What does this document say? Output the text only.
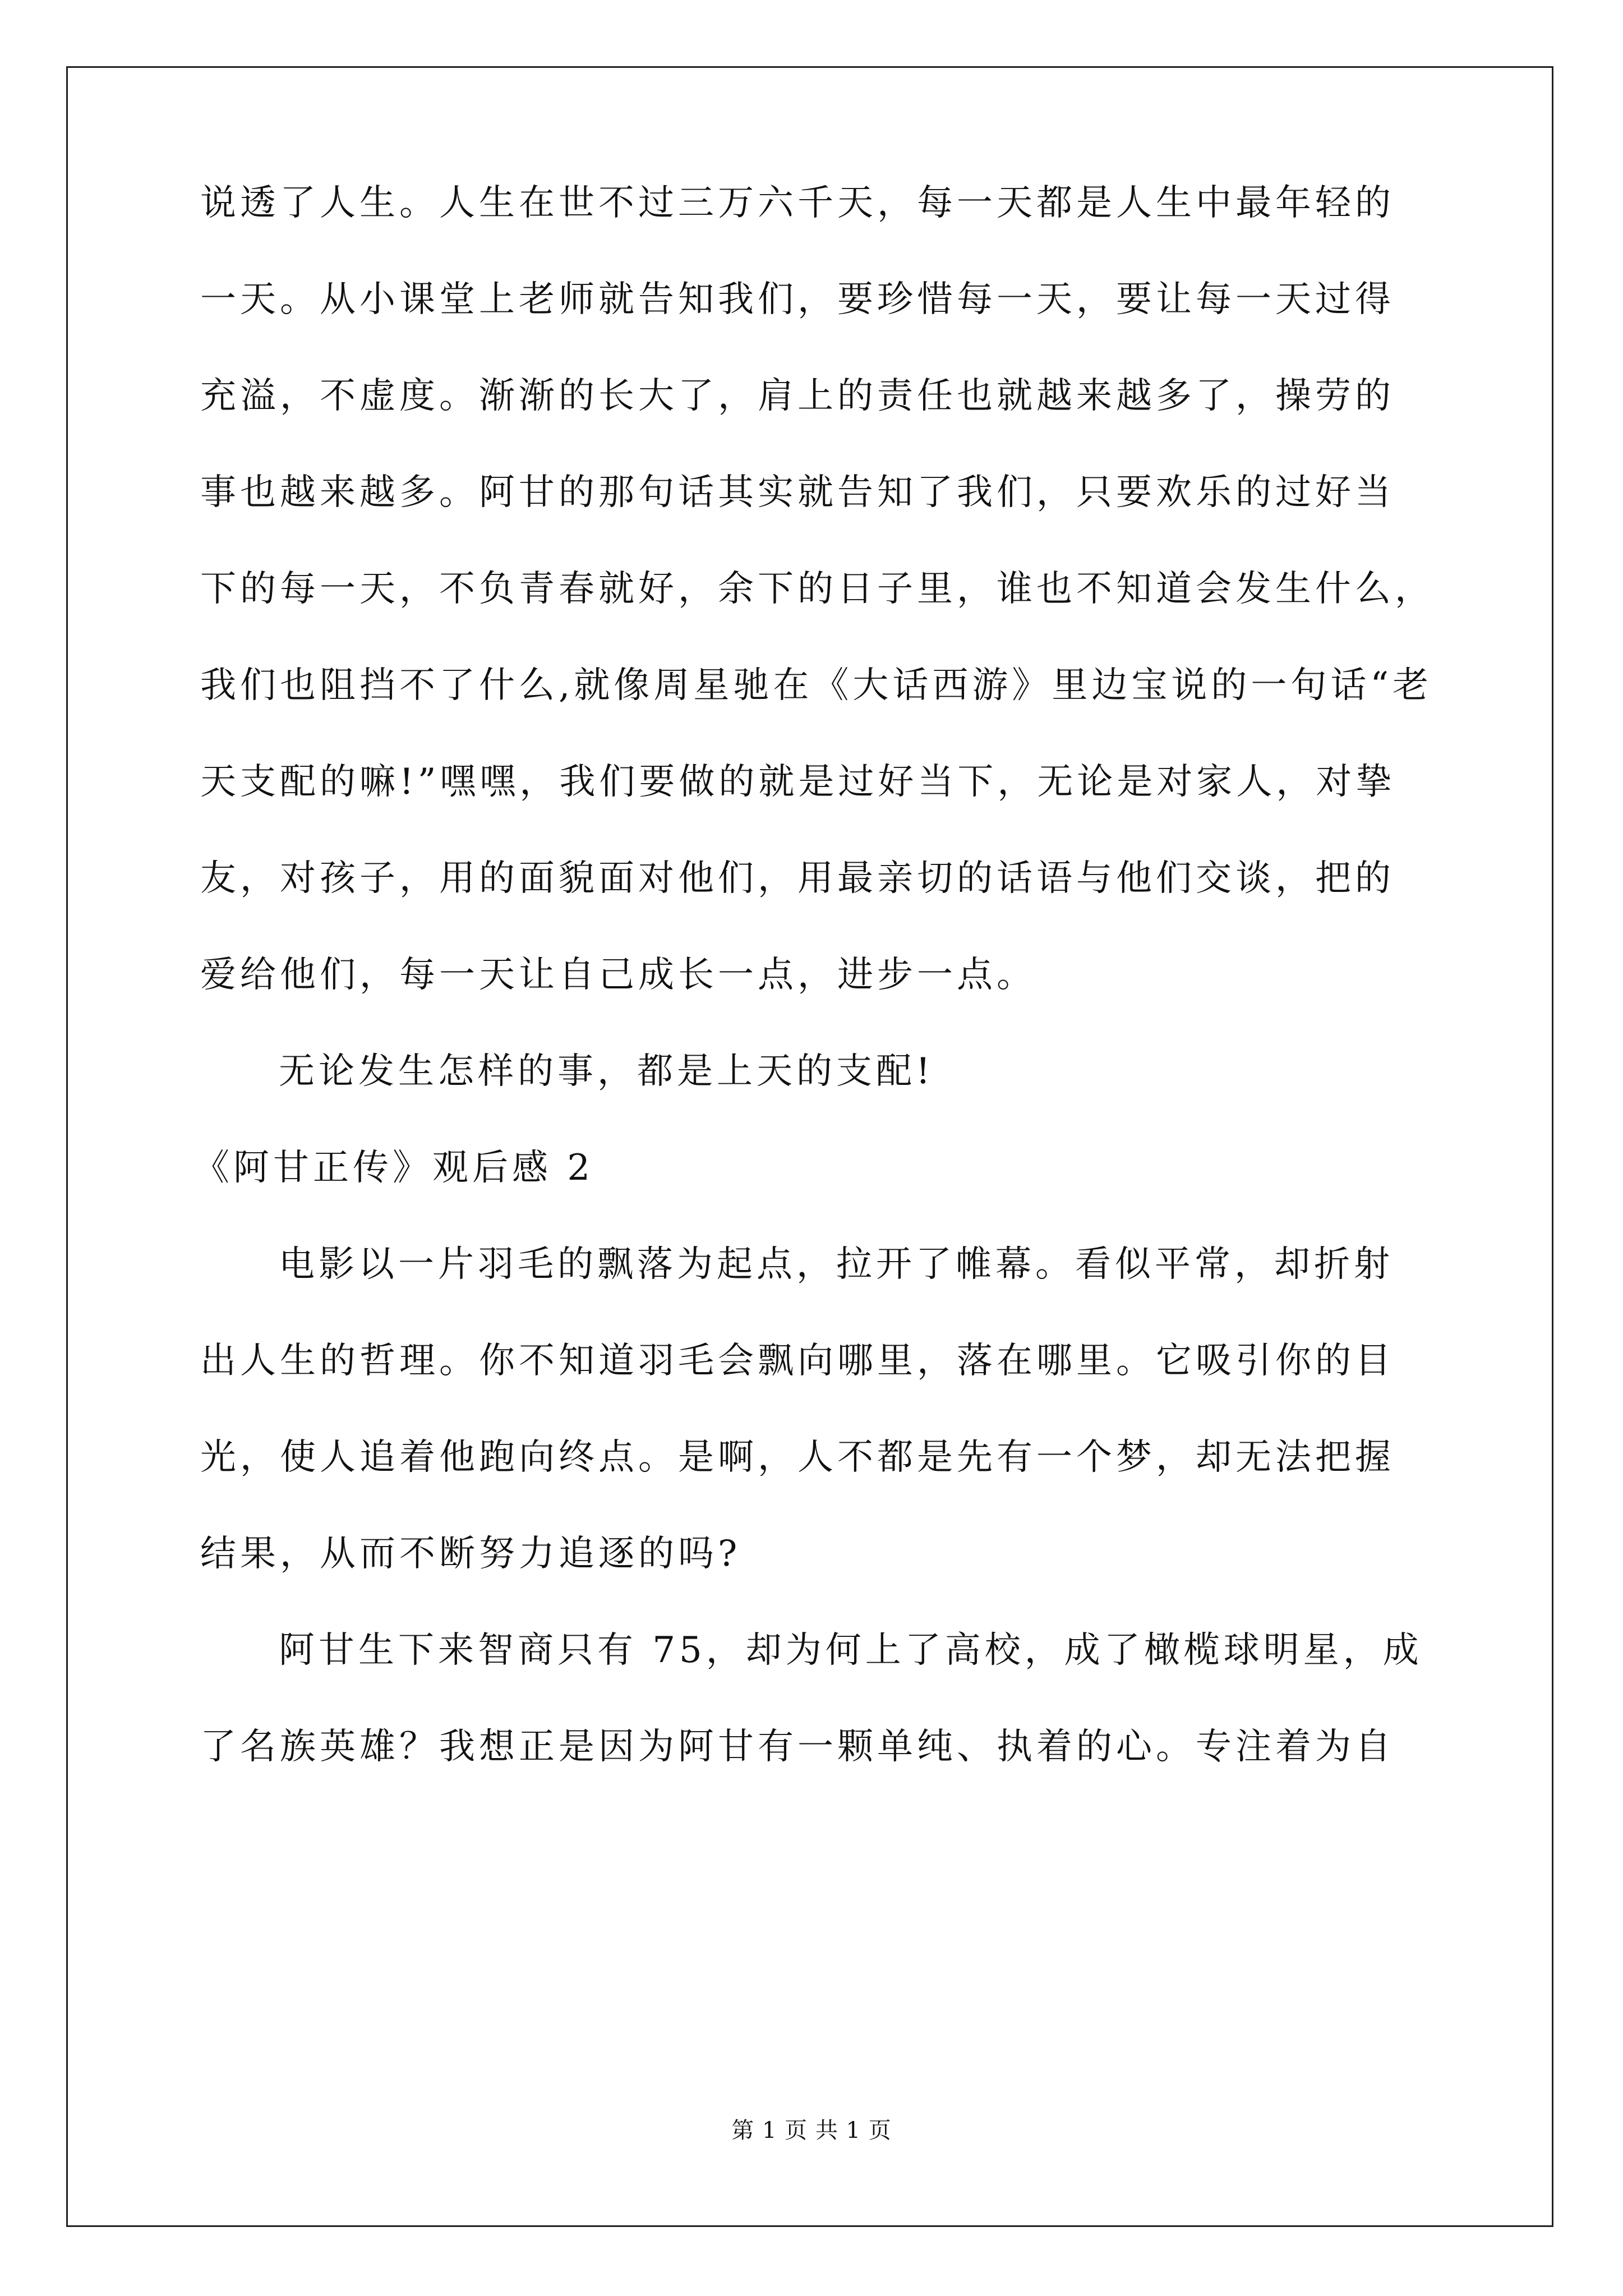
说透了人生。人生在世不过三万六千天，每一天都是人生中最年轻的
一天。从小课堂上老师就告知我们，要珍惜每一天，要让每一天过得
充溢，不虚度。渐渐的长大了，肩上的责任也就越来越多了，操劳的
事也越来越多。阿甘的那句话其实就告知了我们，只要欢乐的过好当
下的每一天，不负青春就好，余下的日子里，谁也不知道会发生什么，
我们也阻挡不了什么,就像周星驰在《大话西游》里边宝说的一句话“老
天支配的嘛!”嘿嘿，我们要做的就是过好当下，无论是对家人，对挚
友，对孩子，用的面貌面对他们，用最亲切的话语与他们交谈，把的
爱给他们，每一天让自己成长一点，进步一点。
无论发生怎样的事，都是上天的支配!
《阿甘正传》观后感 2
电影以一片羽毛的飘落为起点，拉开了帷幕。看似平常，却折射
出人生的哲理。你不知道羽毛会飘向哪里，落在哪里。它吸引你的目
光，使人追着他跑向终点。是啊，人不都是先有一个梦，却无法把握
结果，从而不断努力追逐的吗?
阿甘生下来智商只有 75，却为何上了高校，成了橄榄球明星，成
了名族英雄？我想正是因为阿甘有一颗单纯、执着的心。专注着为自
第 1 页 共 1 页
